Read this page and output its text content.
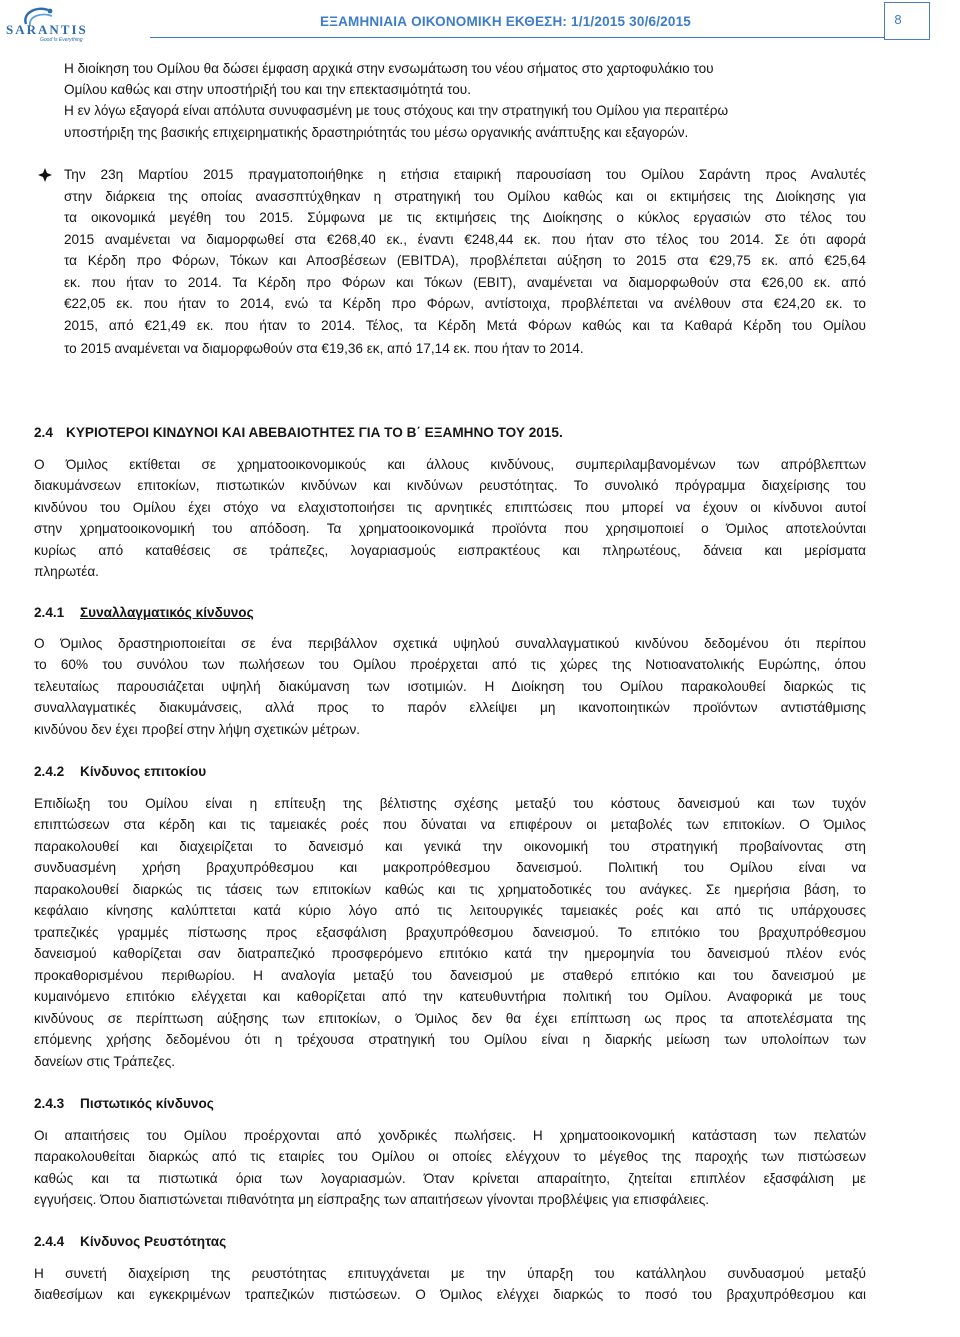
SARANTIS
Good Is Everything
ΕΞΑΜΗΝΙΑΙΑ ΟΙΚΟΝΟΜΙΚΗ ΕΚΘΕΣΗ: 1/1/2015 30/6/2015	8
Η διοίκηση του Ομίλου θα δώσει έμφαση αρχικά στην ενσωμάτωση του νέου σήματος στο χαρτοφυλάκιο του
Ομίλου καθώς και στην υποστήριξή του και την επεκτασιμότητά του.
Η εν λόγω εξαγορά είναι απόλυτα συνυφασμένη με τους στόχους και την στρατηγική του Ομίλου για περαιτέρω
υποστήριξη της βασικής επιχειρηματικής δραστηριότητάς του μέσω οργανικής ανάπτυξης και εξαγορών.
Την 23η Μαρτίου 2015 πραγματοποιήθηκε η ετήσια εταιρική παρουσίαση του Ομίλου Σαράντη προς Αναλυτές
στην διάρκεια της οποίας ανασσπτύχθηκαν η στρατηγική του Ομίλου καθώς και οι εκτιμήσεις της Διοίκησης για
τα οικονομικά μεγέθη του 2015. Σύμφωνα με τις εκτιμήσεις της Διοίκησης ο κύκλος εργασιών στο τέλος του
2015 αναμένεται να διαμορφωθεί στα €268,40 εκ., έναντι €248,44 εκ. που ήταν στο τέλος του 2014. Σε ότι αφορά
τα Κέρδη προ Φόρων, Τόκων και Αποσβέσεων (EBITDA), προβλέπεται αύξηση το 2015 στα €29,75 εκ. από €25,64
εκ. που ήταν το 2014. Τα Κέρδη προ Φόρων και Τόκων (EBIT), αναμένεται να διαμορφωθούν στα €26,00 εκ. από
€22,05 εκ. που ήταν το 2014, ενώ τα Κέρδη προ Φόρων, αντίστοιχα, προβλέπεται να ανέλθουν στα €24,20 εκ. το
2015, από €21,49 εκ. που ήταν το 2014. Τέλος, τα Κέρδη Μετά Φόρων καθώς και τα Καθαρά Κέρδη του Ομίλου
το 2015 αναμένεται να διαμορφωθούν στα €19,36 εκ, από 17,14 εκ. που ήταν το 2014.
2.4 ΚΥΡΙΟΤΕΡΟΙ ΚΙΝΔΥΝΟΙ ΚΑΙ ΑΒΕΒΑΙΟΤΗΤΕΣ ΓΙΑ ΤΟ Β΄ ΕΞΑΜΗΝΟ ΤΟΥ 2015.
Ο Όμιλος εκτίθεται σε χρηματοοικονομικούς και άλλους κινδύνους, συμπεριλαμβανομένων των απρόβλεπτων
διακυμάνσεων επιτοκίων, πιστωτικών κινδύνων και κινδύνων ρευστότητας. Το συνολικό πρόγραμμα διαχείρισης του
κινδύνου του Ομίλου έχει στόχο να ελαχιστοποιήσει τις αρνητικές επιπτώσεις που μπορεί να έχουν οι κίνδυνοι αυτοί
στην χρηματοοικονομική του απόδοση. Τα χρηματοοικονομικά προϊόντα που χρησιμοποιεί ο Όμιλος αποτελούνται
κυρίως από καταθέσεις σε τράπεζες, λογαριασμούς εισπρακτέους και πληρωτέους, δάνεια και μερίσματα
πληρωτέα.
2.4.1 Συναλλαγματικός κίνδυνος
Ο Όμιλος δραστηριοποιείται σε ένα περιβάλλον σχετικά υψηλού συναλλαγματικού κινδύνου δεδομένου ότι περίπου
το 60% του συνόλου των πωλήσεων του Ομίλου προέρχεται από τις χώρες της Νοτιοανατολικής Ευρώπης, όπου
τελευταίως παρουσιάζεται υψηλή διακύμανση των ισοτιμιών. Η Διοίκηση του Ομίλου παρακολουθεί διαρκώς τις
συναλλαγματικές διακυμάνσεις, αλλά προς το παρόν ελλείψει μη ικανοποιητικών προϊόντων αντιστάθμισης
κινδύνου δεν έχει προβεί στην λήψη σχετικών μέτρων.
2.4.2 Κίνδυνος επιτοκίου
Επιδίωξη του Ομίλου είναι η επίτευξη της βέλτιστης σχέσης μεταξύ του κόστους δανεισμού και των τυχόν
επιπτώσεων στα κέρδη και τις ταμειακές ροές που δύναται να επιφέρουν οι μεταβολές των επιτοκίων. Ο Όμιλος
παρακολουθεί και διαχειρίζεται το δανεισμό και γενικά την οικονομική του στρατηγική προβαίνοντας στη
συνδυασμένη χρήση βραχυπρόθεσμου και μακροπρόθεσμου δανεισμού. Πολιτική του Ομίλου είναι να
παρακολουθεί διαρκώς τις τάσεις των επιτοκίων καθώς και τις χρηματοδοτικές του ανάγκες. Σε ημερήσια βάση, το
κεφάλαιο κίνησης καλύπτεται κατά κύριο λόγο από τις λειτουργικές ταμειακές ροές και από τις υπάρχουσες
τραπεζικές γραμμές πίστωσης προς εξασφάλιση βραχυπρόθεσμου δανεισμού. Το επιτόκιο του βραχυπρόθεσμου
δανεισμού καθορίζεται σαν διατραπεζικό προσφερόμενο επιτόκιο κατά την ημερομηνία του δανεισμού πλέον ενός
προκαθορισμένου περιθωρίου. Η αναλογία μεταξύ του δανεισμού με σταθερό επιτόκιο και του δανεισμού με
κυμαινόμενο επιτόκιο ελέγχεται και καθορίζεται από την κατευθυντήρια πολιτική του Ομίλου. Αναφορικά με τους
κινδύνους σε περίπτωση αύξησης των επιτοκίων, ο Όμιλος δεν θα έχει επίπτωση ως προς τα αποτελέσματα της
επόμενης χρήσης δεδομένου ότι η τρέχουσα στρατηγική του Ομίλου είναι η διαρκής μείωση των υπολοίπων των
δανείων στις Τράπεζες.
2.4.3 Πιστωτικός κίνδυνος
Οι απαιτήσεις του Ομίλου προέρχονται από χονδρικές πωλήσεις. Η χρηματοοικονομική κατάσταση των πελατών
παρακολουθείται διαρκώς από τις εταιρίες του Ομίλου οι οποίες ελέγχουν το μέγεθος της παροχής των πιστώσεων
καθώς και τα πιστωτικά όρια των λογαριασμών. Όταν κρίνεται απαραίτητο, ζητείται επιπλέον εξασφάλιση με
εγγυήσεις. Όπου διαπιστώνεται πιθανότητα μη είσπραξης των απαιτήσεων γίνονται προβλέψεις για επισφάλειες.
2.4.4 Κίνδυνος Ρευστότητας
Η συνετή διαχείριση της ρευστότητας επιτυγχάνεται με την ύπαρξη του κατάλληλου συνδυασμού μεταξύ
διαθεσίμων και εγκεκριμένων τραπεζικών πιστώσεων. Ο Όμιλος ελέγχει διαρκώς το ποσό του βραχυπρόθεσμου και
